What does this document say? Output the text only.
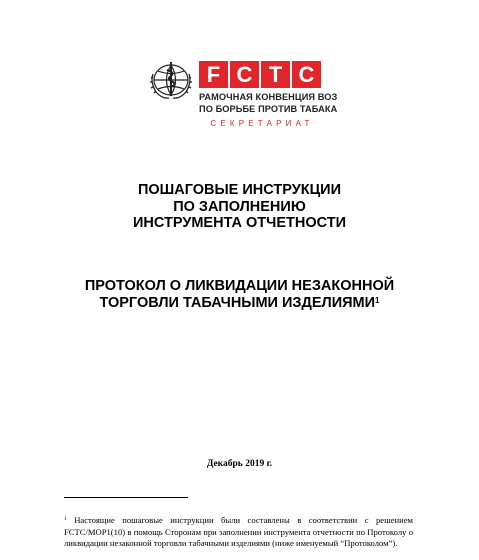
F C T C
РАМОЧНАЯ КОНВЕНЦИЯ ВОЗ
ПО БОРЬБЕ ПРОТИВ ТАБАКА
СЕКРЕТАРИАТ
ПОШАГОВЫЕ ИНСТРУКЦИИ
ПО ЗАПОЛНЕНИЮ
ИНСТРУМЕНТА ОТЧЕТНОСТИ
ПРОТОКОЛ О ЛИКВИДАЦИИ НЕЗАКОННОЙ
ТОРГОВЛИ ТАБАЧНЫМИ ИЗДЕЛИЯМИ$^1$
Декабрь 2019 г.
$^1$ Настоящие пошаговые инструкции были составлены в соответствии с решением FCTC/MOP1(10) в помощь Сторонам при заполнении инструмента отчетности по Протоколу о ликвидации незаконной торговли табачными изделиями (ниже именуемый “Протоколом”).
